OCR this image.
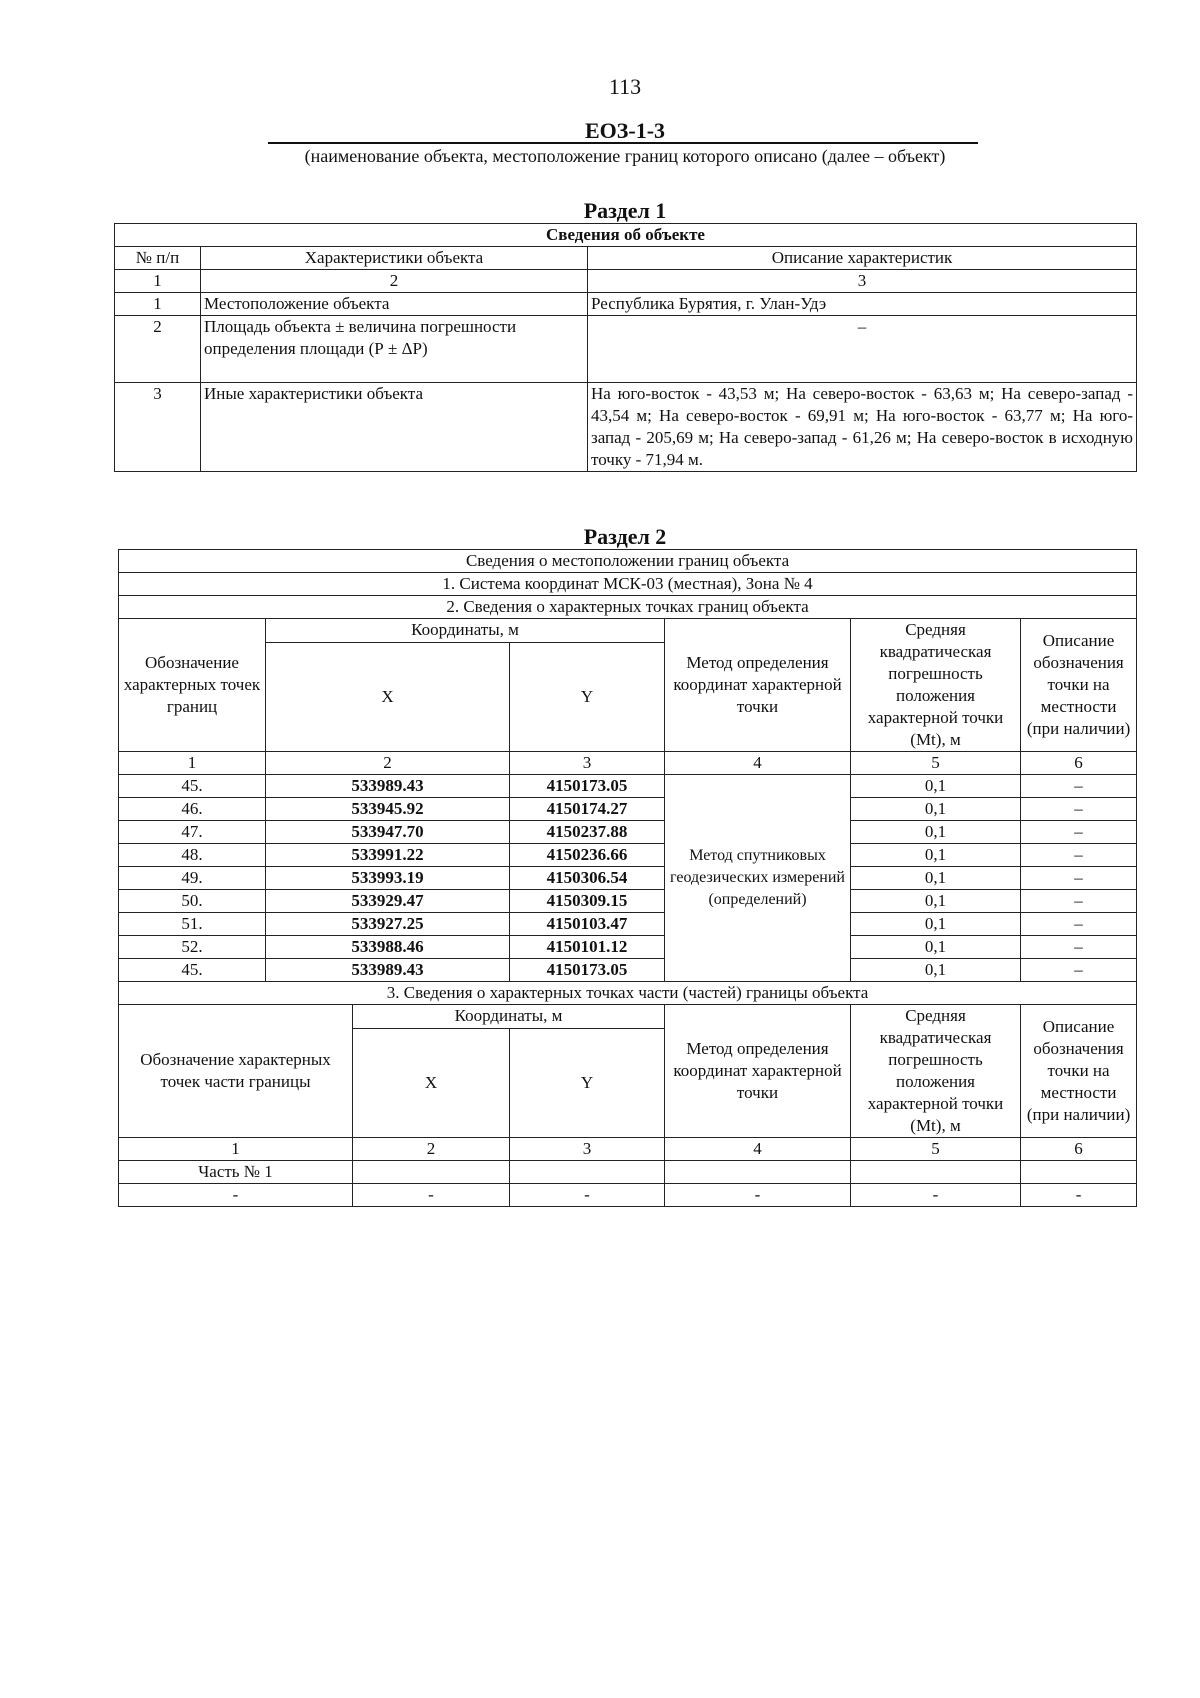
113
ЕОЗ-1-3
(наименование объекта, местоположение границ которого описано (далее – объект)
Раздел 1
Сведения об объекте		
№ п/п	Характеристики объекта	Описание характеристик
1	2	3
1	Местоположение объекта	Республика Бурятия, г. Улан-Удэ
2	Площадь объекта ± величина погрешности определения площади (Р ± ΔР)	–
3	Иные характеристики объекта	На юго-восток - 43,53 м; На северо-восток - 63,63 м; На северо-запад - 43,54 м; На северо-восток - 69,91 м; На юго-восток - 63,77 м; На юго-запад - 205,69 м; На северо-запад - 61,26 м; На северо-восток в исходную точку - 71,94 м.
Раздел 2
Сведения о местоположении границ объекта						
1. Система координат МСК-03 (местная), Зона № 4						
2. Сведения о характерных точках границ объекта						
Обозначение характерных точек границ	Координаты, м			Метод определения координат характерной точки	Средняя квадратическая погрешность положения характерной точки (Mt), м	Описание обозначения точки на местности (при наличии)
	X		Y			
1	2		3	4	5	6
45.	533989.43		4150173.05	Метод спутниковых геодезических измерений (определений)	0,1	–
46.	533945.92		4150174.27		0,1	–
47.	533947.70		4150237.88		0,1	–
48.	533991.22		4150236.66		0,1	–
49.	533993.19		4150306.54		0,1	–
50.	533929.47		4150309.15		0,1	–
51.	533927.25		4150103.47		0,1	–
52.	533988.46		4150101.12		0,1	–
45.	533989.43		4150173.05		0,1	–
3. Сведения о характерных точках части (частей) границы объекта						
Обозначение характерных точек части границы		Координаты, м		Метод определения координат характерной точки	Средняя квадратическая погрешность положения характерной точки (Mt), м	Описание обозначения точки на местности (при наличии)
		X	Y			
1		2	3	4	5	6
Часть № 1						
-		-	-	-	-	-
